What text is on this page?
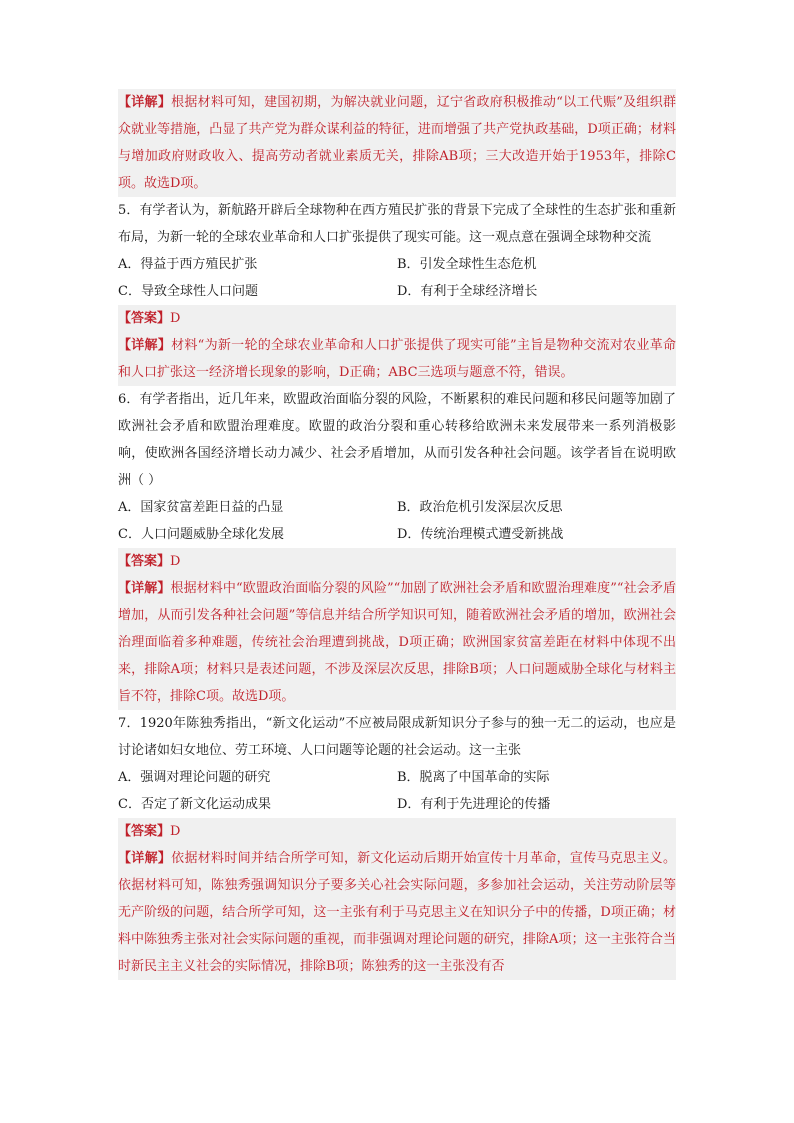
【详解】根据材料可知，建国初期，为解决就业问题，辽宁省政府积极推动“以工代赈”及组织群众就业等措施，凸显了共产党为群众谋利益的特征，进而增强了共产党执政基础，D项正确；材料与增加政府财政收入、提高劳动者就业素质无关，排除AB项；三大改造开始于1953年，排除C项。故选D项。
5．有学者认为，新航路开辟后全球物种在西方殖民扩张的背景下完成了全球性的生态扩张和重新布局，为新一轮的全球农业革命和人口扩张提供了现实可能。这一观点意在强调全球物种交流
A．得益于西方殖民扩张	B．引发全球性生态危机
C．导致全球性人口问题	D．有利于全球经济增长
【答案】D
【详解】材料“为新一轮的全球农业革命和人口扩张提供了现实可能”主旨是物种交流对农业革命和人口扩张这一经济增长现象的影响，D正确；ABC三选项与题意不符，错误。
6．有学者指出，近几年来，欧盟政治面临分裂的风险，不断累积的难民问题和移民问题等加剧了欧洲社会矛盾和欧盟治理难度。欧盟的政治分裂和重心转移给欧洲未来发展带来一系列消极影响，使欧洲各国经济增长动力减少、社会矛盾增加，从而引发各种社会问题。该学者旨在说明欧洲（ ）
A．国家贫富差距日益的凸显	B．政治危机引发深层次反思
C．人口问题威胁全球化发展	D．传统治理模式遭受新挑战
【答案】D
【详解】根据材料中“欧盟政治面临分裂的风险”“加剧了欧洲社会矛盾和欧盟治理难度”“社会矛盾增加，从而引发各种社会问题”等信息并结合所学知识可知，随着欧洲社会矛盾的增加，欧洲社会治理面临着多种难题，传统社会治理遭到挑战，D项正确；欧洲国家贫富差距在材料中体现不出来，排除A项；材料只是表述问题，不涉及深层次反思，排除B项；人口问题威胁全球化与材料主旨不符，排除C项。故选D项。
7．1920年陈独秀指出，“新文化运动”不应被局限成新知识分子参与的独一无二的运动，也应是讨论诸如妇女地位、劳工环境、人口问题等论题的社会运动。这一主张
A．强调对理论问题的研究	B．脱离了中国革命的实际
C．否定了新文化运动成果	D．有利于先进理论的传播
【答案】D
【详解】依据材料时间并结合所学可知，新文化运动后期开始宣传十月革命，宣传马克思主义。依据材料可知，陈独秀强调知识分子要多关心社会实际问题，多参加社会运动，关注劳动阶层等无产阶级的问题，结合所学可知，这一主张有利于马克思主义在知识分子中的传播，D项正确；材料中陈独秀主张对社会实际问题的重视，而非强调对理论问题的研究，排除A项；这一主张符合当时新民主主义社会的实际情况，排除B项；陈独秀的这一主张没有否
